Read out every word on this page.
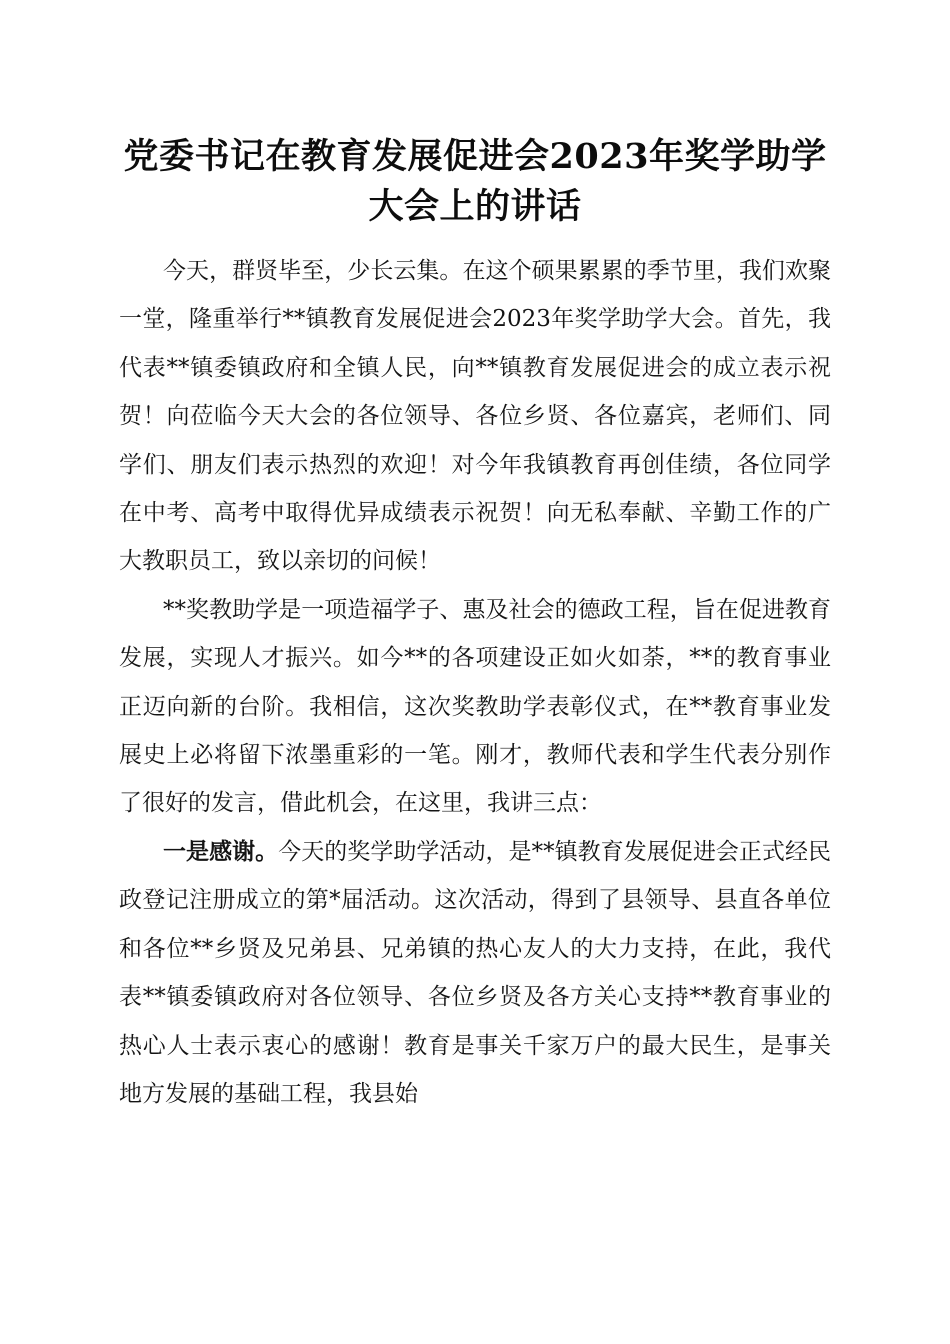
党委书记在教育发展促进会2023年奖学助学
大会上的讲话

今天，群贤毕至，少长云集。在这个硕果累累的季节里，我们欢聚一堂，隆重举行**镇教育发展促进会2023年奖学助学大会。首先，我代表**镇委镇政府和全镇人民，向**镇教育发展促进会的成立表示祝贺！向莅临今天大会的各位领导、各位乡贤、各位嘉宾，老师们、同学们、朋友们表示热烈的欢迎！对今年我镇教育再创佳绩，各位同学在中考、高考中取得优异成绩表示祝贺！向无私奉献、辛勤工作的广大教职员工，致以亲切的问候！

**奖教助学是一项造福学子、惠及社会的德政工程，旨在促进教育发展，实现人才振兴。如今**的各项建设正如火如荼，**的教育事业正迈向新的台阶。我相信，这次奖教助学表彰仪式，在**教育事业发展史上必将留下浓墨重彩的一笔。刚才，教师代表和学生代表分别作了很好的发言，借此机会，在这里，我讲三点：

一是感谢。今天的奖学助学活动，是**镇教育发展促进会正式经民政登记注册成立的第*届活动。这次活动，得到了县领导、县直各单位和各位**乡贤及兄弟县、兄弟镇的热心友人的大力支持，在此，我代表**镇委镇政府对各位领导、各位乡贤及各方关心支持**教育事业的热心人士表示衷心的感谢！教育是事关千家万户的最大民生，是事关地方发展的基础工程，我县始
